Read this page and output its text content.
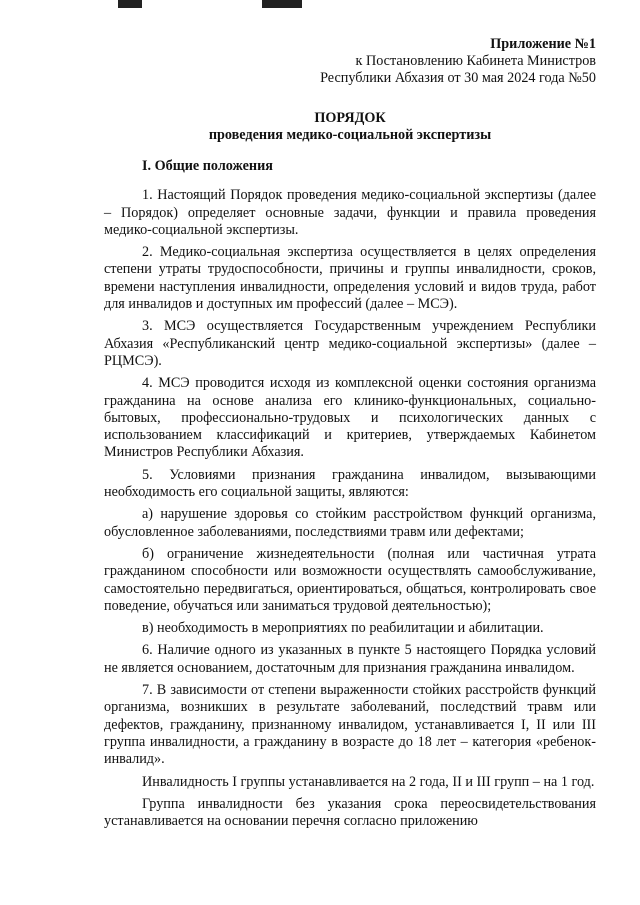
Приложение №1
к Постановлению Кабинета Министров
Республики Абхазия от 30 мая 2024 года №50
ПОРЯДОК
проведения медико-социальной экспертизы
I. Общие положения

1. Настоящий Порядок проведения медико-социальной экспертизы (далее – Порядок) определяет основные задачи, функции и правила проведения медико-социальной экспертизы.

2. Медико-социальная экспертиза осуществляется в целях определения степени утраты трудоспособности, причины и группы инвалидности, сроков, времени наступления инвалидности, определения условий и видов труда, работ для инвалидов и доступных им профессий (далее – МСЭ).

3. МСЭ осуществляется Государственным учреждением Республики Абхазия «Республиканский центр медико-социальной экспертизы» (далее – РЦМСЭ).

4. МСЭ проводится исходя из комплексной оценки состояния организма гражданина на основе анализа его клинико-функциональных, социально-бытовых, профессионально-трудовых и психологических данных с использованием классификаций и критериев, утверждаемых Кабинетом Министров Республики Абхазия.

5. Условиями признания гражданина инвалидом, вызывающими необходимость его социальной защиты, являются:

а) нарушение здоровья со стойким расстройством функций организма, обусловленное заболеваниями, последствиями травм или дефектами;

б) ограничение жизнедеятельности (полная или частичная утрата гражданином способности или возможности осуществлять самообслуживание, самостоятельно передвигаться, ориентироваться, общаться, контролировать свое поведение, обучаться или заниматься трудовой деятельностью);

в) необходимость в мероприятиях по реабилитации и абилитации.

6. Наличие одного из указанных в пункте 5 настоящего Порядка условий не является основанием, достаточным для признания гражданина инвалидом.

7. В зависимости от степени выраженности стойких расстройств функций организма, возникших в результате заболеваний, последствий травм или дефектов, гражданину, признанному инвалидом, устанавливается I, II или III группа инвалидности, а гражданину в возрасте до 18 лет – категория «ребенок-инвалид».

Инвалидность I группы устанавливается на 2 года, II и III групп – на 1 год.

Группа инвалидности без указания срока переосвидетельствования устанавливается на основании перечня согласно приложению
